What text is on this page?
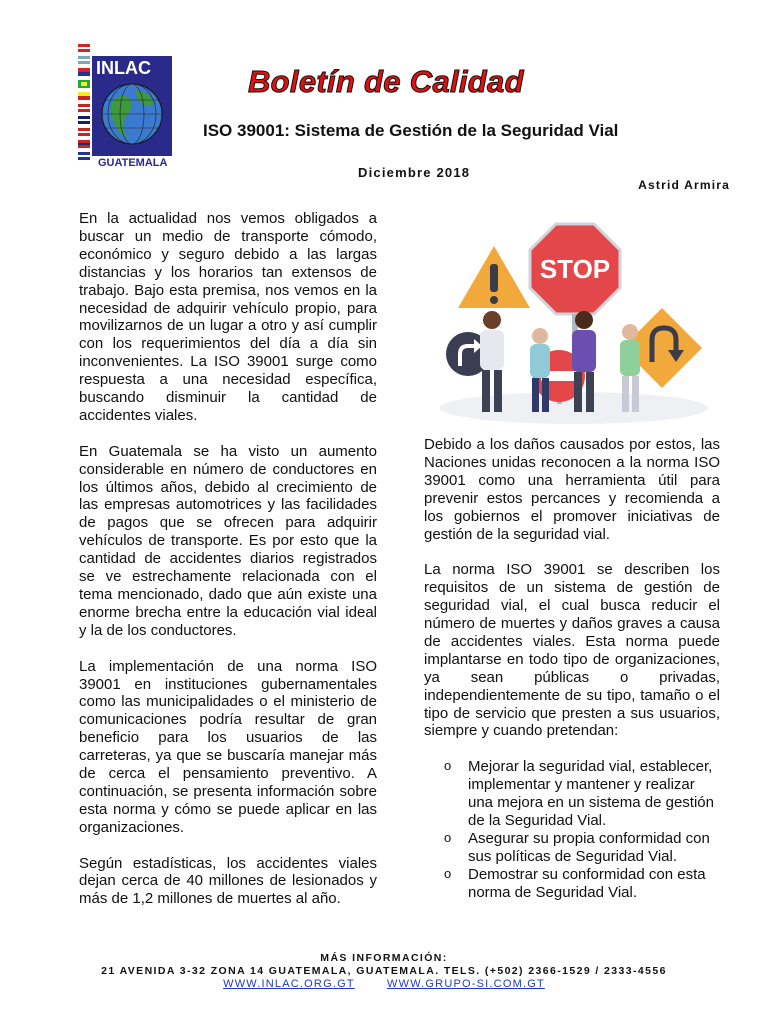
INLAC
GUATEMALA
Boletín de Calidad
ISO 39001: Sistema de Gestión de la Seguridad Vial
Diciembre 2018
Astrid Armira

En la actualidad nos vemos obligados a buscar un medio de transporte cómodo, económico y seguro debido a las largas distancias y los horarios tan extensos de trabajo. Bajo esta premisa, nos vemos en la necesidad de adquirir vehículo propio, para movilizarnos de un lugar a otro y así cumplir con los requerimientos del día a día sin inconvenientes. La ISO 39001 surge como respuesta a una necesidad específica, buscando disminuir la cantidad de accidentes viales.

En Guatemala se ha visto un aumento considerable en número de conductores en los últimos años, debido al crecimiento de las empresas automotrices y las facilidades de pagos que se ofrecen para adquirir vehículos de transporte. Es por esto que la cantidad de accidentes diarios registrados se ve estrechamente relacionada con el tema mencionado, dado que aún existe una enorme brecha entre la educación vial ideal y la de los conductores.

La implementación de una norma ISO 39001 en instituciones gubernamentales como las municipalidades o el ministerio de comunicaciones podría resultar de gran beneficio para los usuarios de las carreteras, ya que se buscaría manejar más de cerca el pensamiento preventivo. A continuación, se presenta información sobre esta norma y cómo se puede aplicar en las organizaciones.

Según estadísticas, los accidentes viales dejan cerca de 40 millones de lesionados y más de 1,2 millones de muertes al año.

STOP

Debido a los daños causados por estos, las Naciones unidas reconocen a la norma ISO 39001 como una herramienta útil para prevenir estos percances y recomienda a los gobiernos el promover iniciativas de gestión de la seguridad vial.

La norma ISO 39001 se describen los requisitos de un sistema de gestión de seguridad vial, el cual busca reducir el número de muertes y daños graves a causa de accidentes viales. Esta norma puede implantarse en todo tipo de organizaciones, ya sean públicas o privadas, independientemente de su tipo, tamaño o el tipo de servicio que presten a sus usuarios, siempre y cuando pretendan:

o Mejorar la seguridad vial, establecer, implementar y mantener y realizar una mejora en un sistema de gestión de la Seguridad Vial.
o Asegurar su propia conformidad con sus políticas de Seguridad Vial.
o Demostrar su conformidad con esta norma de Seguridad Vial.
MÁS INFORMACIÓN:
21 AVENIDA 3-32 ZONA 14 GUATEMALA, GUATEMALA. TELS. (+502) 2366-1529 / 2333-4556
WWW.INLAC.ORG.GT	WWW.GRUPO-SI.COM.GT
